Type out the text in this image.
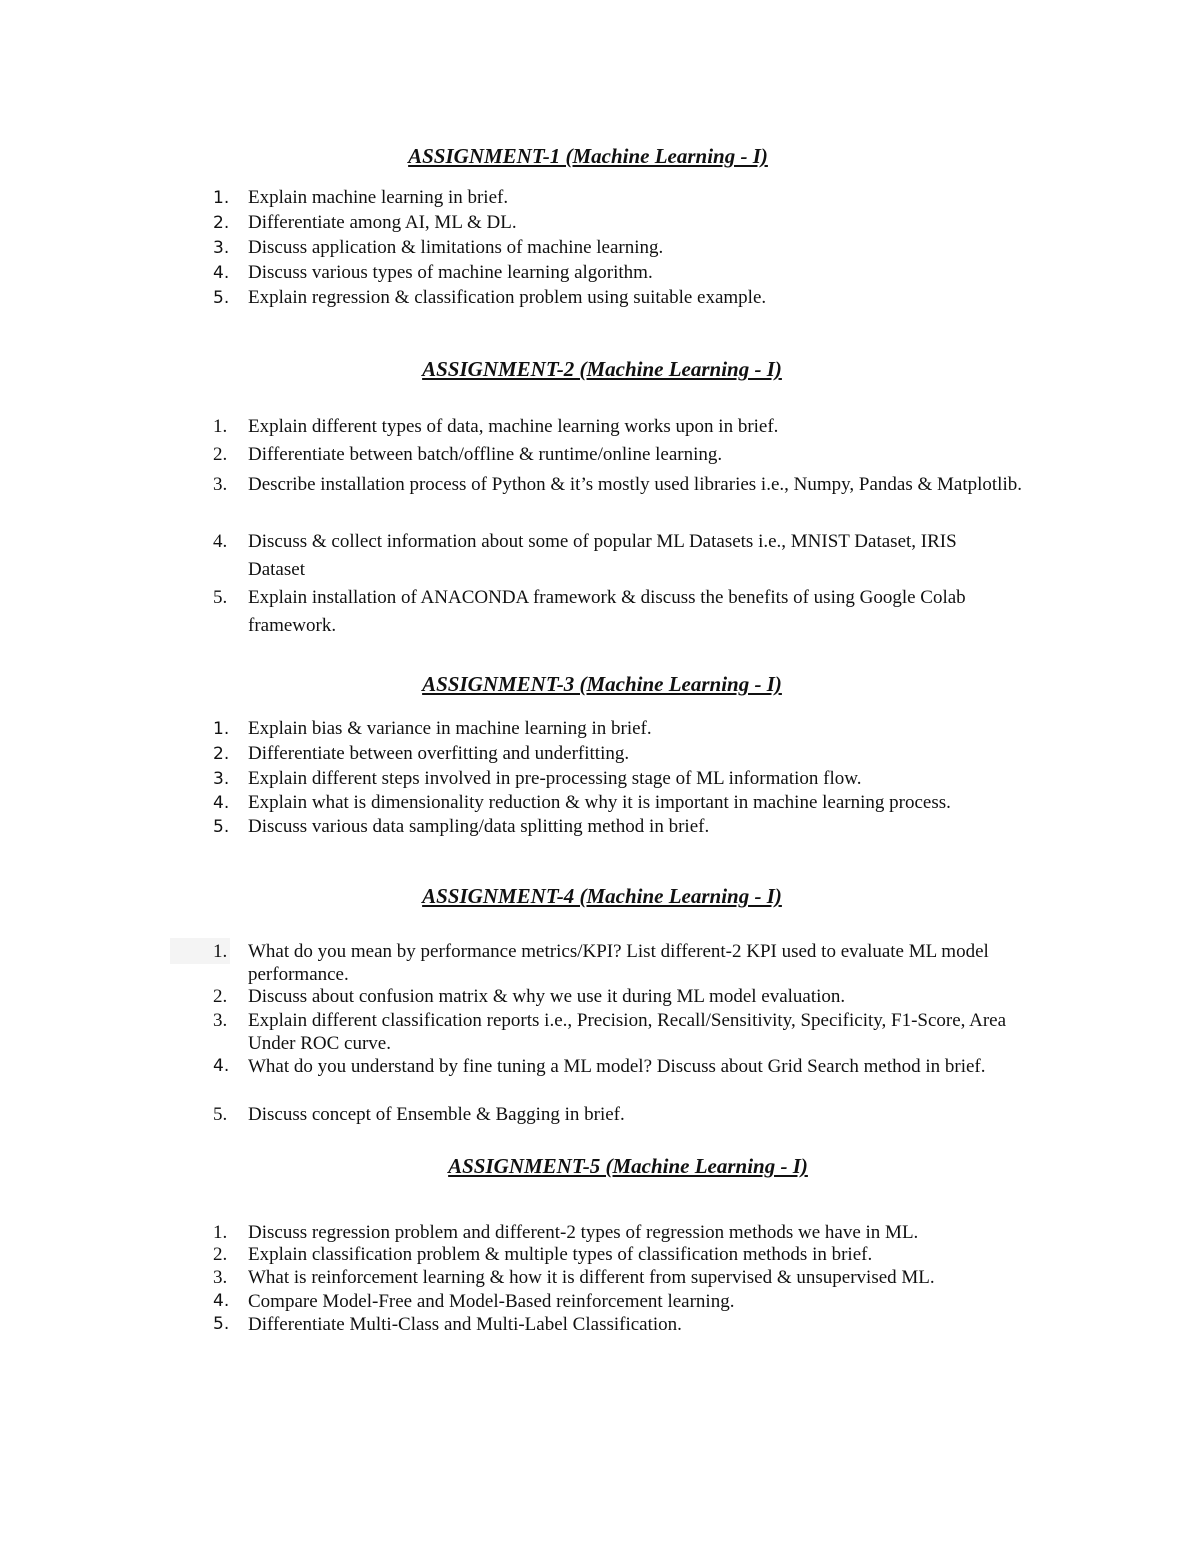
ASSIGNMENT-1 (Machine Learning - I)
1. Explain machine learning in brief.
2. Differentiate among AI, ML & DL.
3. Discuss application & limitations of machine learning.
4. Discuss various types of machine learning algorithm.
5. Explain regression & classification problem using suitable example.
ASSIGNMENT-2 (Machine Learning - I)
1. Explain different types of data, machine learning works upon in brief.
2. Differentiate between batch/offline & runtime/online learning.
3. Describe installation process of Python & it’s mostly used libraries i.e., Numpy, Pandas & Matplotlib.
4. Discuss & collect information about some of popular ML Datasets i.e., MNIST Dataset, IRIS Dataset
5. Explain installation of ANACONDA framework & discuss the benefits of using Google Colab framework.
ASSIGNMENT-3 (Machine Learning - I)
1. Explain bias & variance in machine learning in brief.
2. Differentiate between overfitting and underfitting.
3. Explain different steps involved in pre-processing stage of ML information flow.
4. Explain what is dimensionality reduction & why it is important in machine learning process.
5. Discuss various data sampling/data splitting method in brief.
ASSIGNMENT-4 (Machine Learning - I)
1. What do you mean by performance metrics/KPI? List different-2 KPI used to evaluate ML model performance.
2. Discuss about confusion matrix & why we use it during ML model evaluation.
3. Explain different classification reports i.e., Precision, Recall/Sensitivity, Specificity, F1-Score, Area Under ROC curve.
4. What do you understand by fine tuning a ML model? Discuss about Grid Search method in brief.
5. Discuss concept of Ensemble & Bagging in brief.
ASSIGNMENT-5 (Machine Learning - I)
1. Discuss regression problem and different-2 types of regression methods we have in ML.
2. Explain classification problem & multiple types of classification methods in brief.
3. What is reinforcement learning & how it is different from supervised & unsupervised ML.
4. Compare Model-Free and Model-Based reinforcement learning.
5. Differentiate Multi-Class and Multi-Label Classification.
